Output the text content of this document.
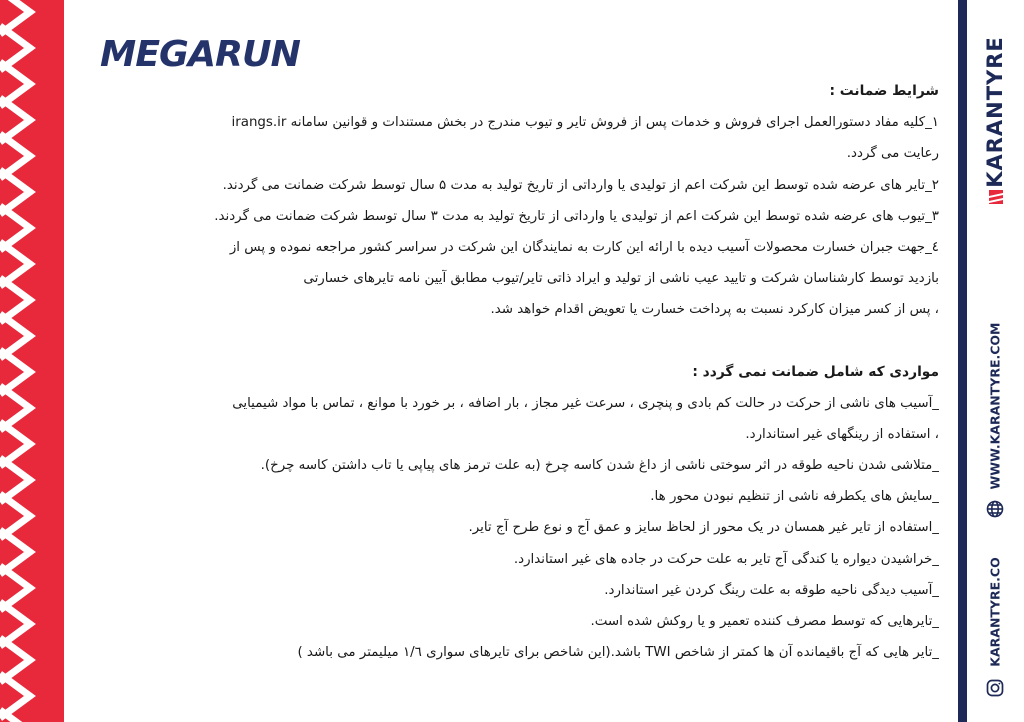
MEGARUN
شرایط ضمانت :
۱_کلیه مفاد دستورالعمل اجرای فروش و خدمات پس از فروش تایر و تیوب مندرج در بخش مستندات و قوانین سامانه irangs.ir
رعایت می گردد.
۲_تایر های عرضه شده توسط این شرکت اعم از تولیدی یا وارداتی از تاریخ تولید به مدت ۵ سال توسط شرکت ضمانت می گردند.
۳_تیوب های عرضه شده توسط این شرکت اعم از تولیدی یا وارداتی از تاریخ تولید به مدت ۳ سال توسط شرکت ضمانت می گردند.
٤_جهت جبران خسارت محصولات آسیب دیده با ارائه این کارت به نمایندگان این شرکت در سراسر کشور مراجعه نموده و پس از
بازدید توسط کارشناسان شرکت و تایید عیب ناشی از تولید و ایراد ذاتی تایر/تیوب مطابق آیین نامه تایرهای خسارتی
، پس از کسر میزان کارکرد نسبت به پرداخت خسارت یا تعویض اقدام خواهد شد.
مواردی که شامل ضمانت نمی گردد :
_آسیب های ناشی از حرکت در حالت کم بادی و پنچری ، سرعت غیر مجاز ، بار اضافه ، بر خورد با موانع ، تماس با مواد شیمیایی
، استفاده از رینگهای غیر استاندارد.
_متلاشی شدن ناحیه طوقه در اثر سوختی ناشی از داغ شدن کاسه چرخ (به علت ترمز های پیاپی یا تاب داشتن کاسه چرخ).
_سایش های یکطرفه ناشی از تنظیم نبودن محور ها.
_استفاده از تایر غیر همسان در یک محور از لحاظ سایز و عمق آج و نوع طرح آج تایر.
_خراشیدن دیواره یا کندگی آج تایر به علت حرکت در جاده های غیر استاندارد.
_آسیب دیدگی ناحیه طوقه به علت رینگ کردن غیر استاندارد.
_تایرهایی که توسط مصرف کننده تعمیر و یا روکش شده است.
_تایر هایی که آج باقیمانده آن ها کمتر از شاخص TWI باشد.(این شاخص برای تایرهای سواری ۱/٦ میلیمتر می باشد )
KARANTYRE
WWW.KARANTYRE.COM
KARANTYRE.CO
